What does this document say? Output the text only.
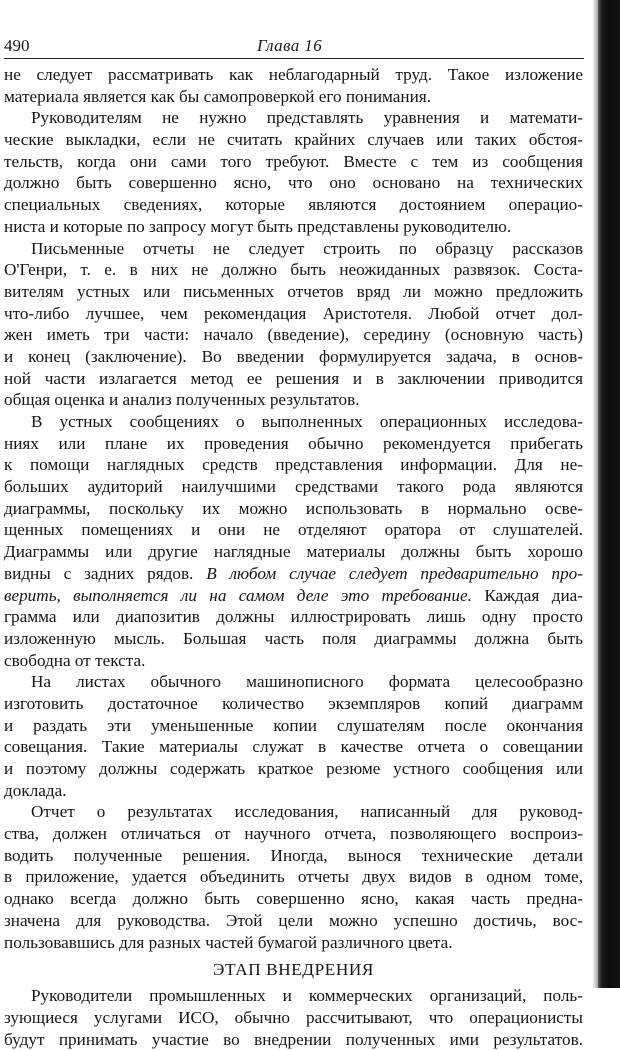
490	Глава 16
не следует рассматривать как неблагодарный труд. Такое изложение
материала является как бы самопроверкой его понимания.
Руководителям не нужно представлять уравнения и математи-
ческие выкладки, если не считать крайних случаев или таких обстоя-
тельств, когда они сами того требуют. Вместе с тем из сообщения
должно быть совершенно ясно, что оно основано на технических
специальных сведениях, которые являются достоянием операцио-
ниста и которые по запросу могут быть представлены руководителю.
Письменные отчеты не следует строить по образцу рассказов
О'Генри, т. е. в них не должно быть неожиданных развязок. Соста-
вителям устных или письменных отчетов вряд ли можно предложить
что-либо лучшее, чем рекомендация Аристотеля. Любой отчет дол-
жен иметь три части: начало (введение), середину (основную часть)
и конец (заключение). Во введении формулируется задача, в основ-
ной части излагается метод ее решения и в заключении приводится
общая оценка и анализ полученных результатов.
В устных сообщениях о выполненных операционных исследова-
ниях или плане их проведения обычно рекомендуется прибегать
к помощи наглядных средств представления информации. Для не-
больших аудиторий наилучшими средствами такого рода являются
диаграммы, поскольку их можно использовать в нормально осве-
щенных помещениях и они не отделяют оратора от слушателей.
Диаграммы или другие наглядные материалы должны быть хорошо
видны с задних рядов. В любом случае следует предварительно про-
верить, выполняется ли на самом деле это требование. Каждая диа-
грамма или диапозитив должны иллюстрировать лишь одну просто
изложенную мысль. Большая часть поля диаграммы должна быть
свободна от текста.
На листах обычного машинописного формата целесообразно
изготовить достаточное количество экземпляров копий диаграмм
и раздать эти уменьшенные копии слушателям после окончания
совещания. Такие материалы служат в качестве отчета о совещании
и поэтому должны содержать краткое резюме устного сообщения или
доклада.
Отчет о результатах исследования, написанный для руковод-
ства, должен отличаться от научного отчета, позволяющего воспроиз-
водить полученные решения. Иногда, вынося технические детали
в приложение, удается объединить отчеты двух видов в одном томе,
однако всегда должно быть совершенно ясно, какая часть предна-
значена для руководства. Этой цели можно успешно достичь, вос-
пользовавшись для разных частей бумагой различного цвета.
ЭТАП ВНЕДРЕНИЯ
Руководители промышленных и коммерческих организаций, поль-
зующиеся услугами ИСО, обычно рассчитывают, что операционисты
будут принимать участие во внедрении полученных ими результатов.
